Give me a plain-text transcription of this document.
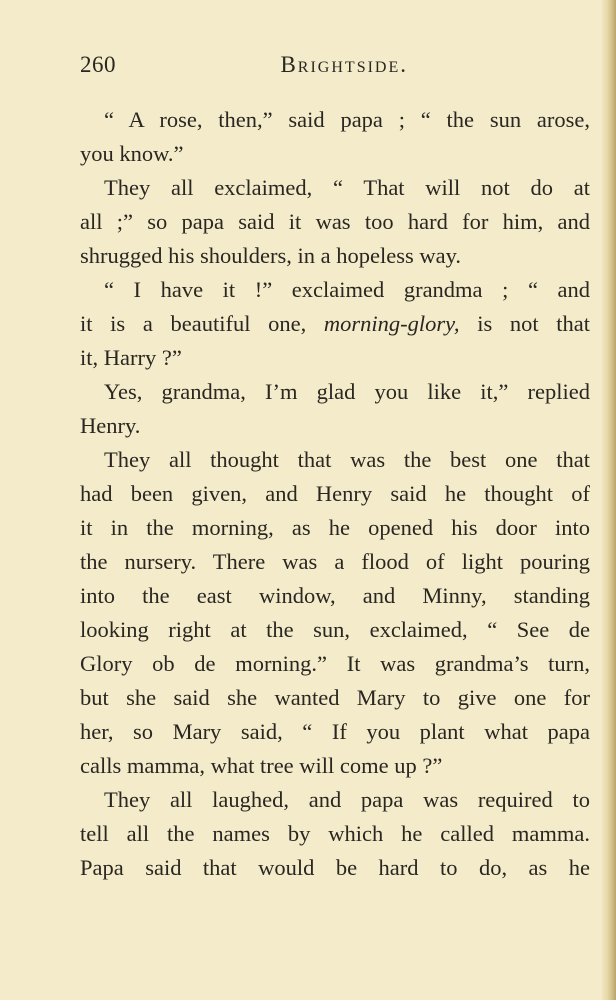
260	Brightside.
“ A rose, then,” said papa ; “ the sun arose,
you know.”
They all exclaimed, “ That will not do at
all ;” so papa said it was too hard for him, and
shrugged his shoulders, in a hopeless way.
“ I have it !” exclaimed grandma ; “ and
it is a beautiful one, morning-glory, is not that
it, Harry ?”
Yes, grandma, I’m glad you like it,” replied
Henry.
They all thought that was the best one that
had been given, and Henry said he thought of
it in the morning, as he opened his door into
the nursery. There was a flood of light pouring
into the east window, and Minny, standing
looking right at the sun, exclaimed, “ See de
Glory ob de morning.” It was grandma’s turn,
but she said she wanted Mary to give one for
her, so Mary said, “ If you plant what papa
calls mamma, what tree will come up ?”
They all laughed, and papa was required to
tell all the names by which he called mamma.
Papa said that would be hard to do, as he
